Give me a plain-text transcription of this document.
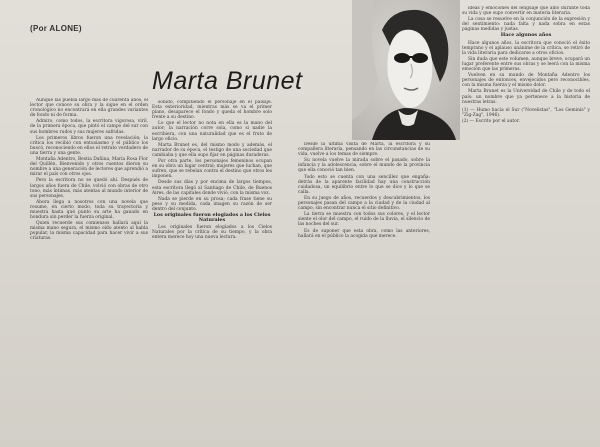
(Por ALONE)
Marta Brunet

Aunque las puebla largo más de cuarenta años, el lector que conoce su obra y la sigue en el orden cronológico no encontrará en ella grandes variantes de fondo ni de forma.

Admiro, como todos, la escritora vigorosa, viril, de la primera época, que pintó el campo del sur con sus hombres rudos y sus mujeres sufridas.

Los primeros libros fueron una revelación; la crítica los recibió con entusiasmo y el público los buscó, reconociendo en ellos el retrato verdadero de una tierra y una gente.

Montaña Adentro, Bestia Dañina, María Rosa Flor del Quillén, Bienvenido y otros cuentos dieron su nombre a una generación de lectores que aprendió a mirar el país con otros ojos.

Pero la escritora no se quedó ahí. Después de largos años fuera de Chile, volvió con obras de otro tono, más íntimas, más atentas al mundo interior de sus personajes.

Ahora llega a nosotros con una novela que resume, en cierto modo, toda su trayectoria y muestra hasta qué punto su arte ha ganado en hondura sin perder la fuerza original.

Quien recuerde sus comienzos hallará aquí la misma mano segura, el mismo oído atento al habla popular, la misma capacidad para hacer vivir a sus criaturas.

sonido, compitiendo el personaje en el paisaje. Esta exterioridad, mientras más se va el primer plano, desaparece el fondo y queda el hombre solo frente a su destino.

Lo que el lector no nota en ella es la mano del autor; la narración corre sola, como si nadie la escribiera, con una naturalidad que es el fruto de largo oficio.

Marta Brunet es, del mismo modo y además, el narrador de su época, el testigo de una sociedad que cambiaba y que ella supo fijar en páginas duraderas.

Por otra parte, los personajes femeninos ocupan en su obra un lugar central; mujeres que luchan, que sufren, que se rebelan contra el destino que otros les imponen.

Desde sus días y por encima de largos tiempos, esta escritora llegó al Santiago de Chile, de Buenos Aires, de las capitales donde vivió, con la misma voz.

Nada se pierde en su prosa; cada frase tiene su peso y su medida, cada imagen su razón de ser dentro del conjunto.

Los originales fueron elogiados a los Cielos Naturales

Los originales fueron elogiados a los Cielos Naturales por la crítica de su tiempo, y la obra entera merece hoy una nueva lectura.

Desde la última visita de Marta, la escritora y su compañera literaria, pensando en las circunstancias de su vida, vuelve a los temas de siempre.

Su novela vuelve la mirada sobre el pasado, sobre la infancia y la adolescencia, sobre el mundo de la provincia que ella conoció tan bien.

Todo esto se cuenta con una sencillez que engaña: detrás de la aparente facilidad hay una construcción cuidadosa, un equilibrio entre lo que se dice y lo que se calla.

En su juego de años, recuerdos y descubrimientos, los personajes pasan del campo a la ciudad y de la ciudad al campo, sin encontrar nunca el sitio definitivo.

La tierra se muestra con todos sus colores, y el lector siente el olor del campo, el ruido de la lluvia, el silencio de las noches del sur.

Es de suponer que esta obra, como las anteriores, hallará en el público la acogida que merece.

ideas y emociones del lenguaje que amó durante toda su vida y que supo convertir en materia literaria.

La cosa se resuelve en la conjunción de la expresión y del sentimiento: nada falta y nada sobra en estas páginas medidas y justas.

Hace algunos años

Hace algunos años, la escritora que conoció el éxito temprano y el aplauso unánime de la crítica, se retiró de la vida literaria para dedicarse a otros oficios.

Sin duda que este volumen, aunque breve, ocupará un lugar preferente entre sus obras y se leerá con la misma emoción que las primeras.

Vuelven en su mundo de Montaña Adentro los personajes de entonces, envejecidos pero reconocibles, con la misma fuerza y el mismo dolor.

Marta Brunet es la Universidad de Chile y de todo el país: un nombre que ya pertenece a la historia de nuestras letras.

(1) — Humo hacia el Sur ("Novelistas", "Los Geminis" y "Zig-Zag", 1946).

(2) — Escrito por el autor.
